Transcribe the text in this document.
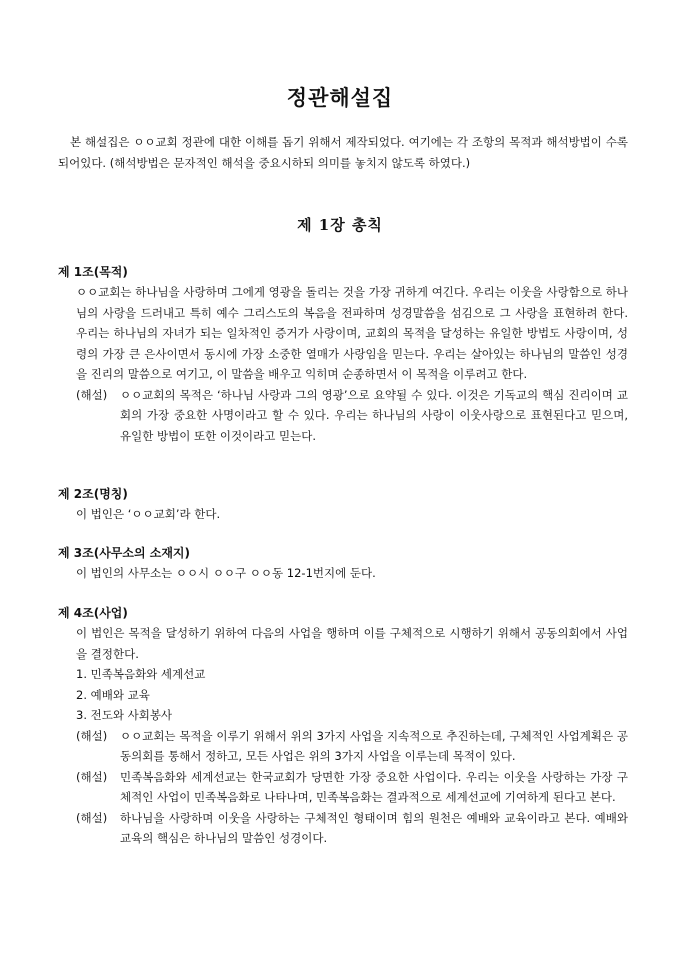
정관해설집
본 해설집은 ㅇㅇ교회 정관에 대한 이해를 돕기 위해서 제작되었다. 여기에는 각 조항의 목적과 해석방법이 수록되어있다. (해석방법은 문자적인 해석을 중요시하되 의미를 놓치지 않도록 하였다.)
제 1장 총칙
제 1조(목적)
ㅇㅇ교회는 하나님을 사랑하며 그에게 영광을 돌리는 것을 가장 귀하게 여긴다. 우리는 이웃을 사랑함으로 하나님의 사랑을 드러내고 특히 예수 그리스도의 복음을 전파하며 성경말씀을 섬김으로 그 사랑을 표현하려 한다. 우리는 하나님의 자녀가 되는 일차적인 증거가 사랑이며, 교회의 목적을 달성하는 유일한 방법도 사랑이며, 성령의 가장 큰 은사이면서 동시에 가장 소중한 열매가 사랑임을 믿는다. 우리는 살아있는 하나님의 말씀인 성경을 진리의 말씀으로 여기고, 이 말씀을 배우고 익히며 순종하면서 이 목적을 이루려고 한다.
(해설)	ㅇㅇ교회의 목적은 ‘하나님 사랑과 그의 영광’으로 요약될 수 있다. 이것은 기독교의 핵심 진리이며 교회의 가장 중요한 사명이라고 할 수 있다. 우리는 하나님의 사랑이 이웃사랑으로 표현된다고 믿으며, 유일한 방법이 또한 이것이라고 믿는다.
제 2조(명칭)
이 법인은 ‘ㅇㅇ교회’라 한다.
제 3조(사무소의 소재지)
이 법인의 사무소는 ㅇㅇ시 ㅇㅇ구 ㅇㅇ동 12-1번지에 둔다.
제 4조(사업)
이 법인은 목적을 달성하기 위하여 다음의 사업을 행하며 이를 구체적으로 시행하기 위해서 공동의회에서 사업을 결정한다.
1. 민족복음화와 세계선교
2. 예배와 교육
3. 전도와 사회봉사
(해설)	ㅇㅇ교회는 목적을 이루기 위해서 위의 3가지 사업을 지속적으로 추진하는데, 구체적인 사업계획은 공동의회를 통해서 정하고, 모든 사업은 위의 3가지 사업을 이루는데 목적이 있다.
(해설)	민족복음화와 세계선교는 한국교회가 당면한 가장 중요한 사업이다. 우리는 이웃을 사랑하는 가장 구체적인 사업이 민족복음화로 나타나며, 민족복음화는 결과적으로 세계선교에 기여하게 된다고 본다.
(해설)	하나님을 사랑하며 이웃을 사랑하는 구체적인 형태이며 힘의 원천은 예배와 교육이라고 본다. 예배와 교육의 핵심은 하나님의 말씀인 성경이다.
